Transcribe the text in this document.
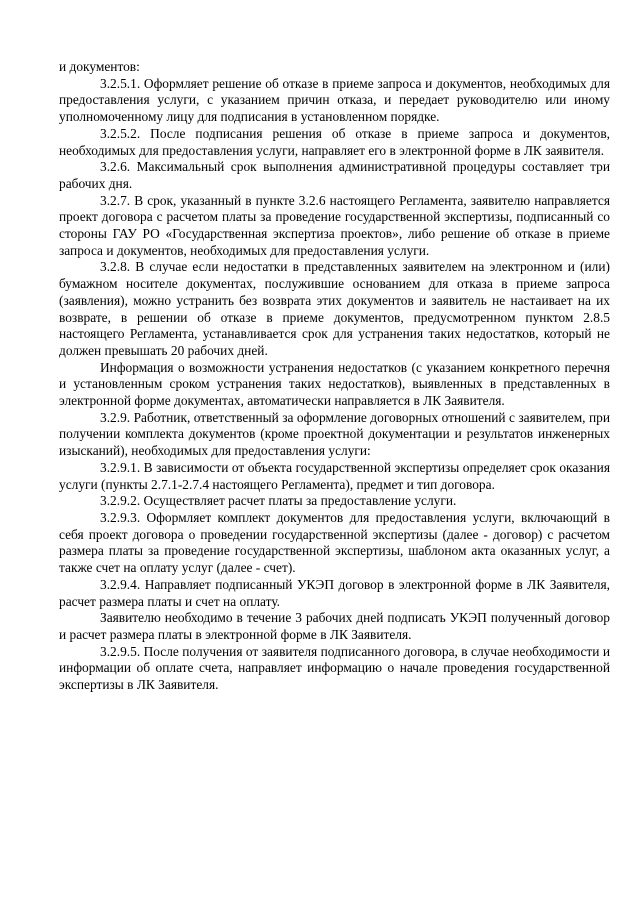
и документов:

3.2.5.1. Оформляет решение об отказе в приеме запроса и документов, необходимых для предоставления услуги, с указанием причин отказа, и передает руководителю или иному уполномоченному лицу для подписания в установленном порядке.

3.2.5.2. После подписания решения об отказе в приеме запроса и документов, необходимых для предоставления услуги, направляет его в электронной форме в ЛК заявителя.

3.2.6. Максимальный срок выполнения административной процедуры составляет три рабочих дня.

3.2.7. В срок, указанный в пункте 3.2.6 настоящего Регламента, заявителю направляется проект договора с расчетом платы за проведение государственной экспертизы, подписанный со стороны ГАУ РО «Государственная экспертиза проектов», либо решение об отказе в приеме запроса и документов, необходимых для предоставления услуги.

3.2.8. В случае если недостатки в представленных заявителем на электронном и (или) бумажном носителе документах, послужившие основанием для отказа в приеме запроса (заявления), можно устранить без возврата этих документов и заявитель не настаивает на их возврате, в решении об отказе в приеме документов, предусмотренном пунктом 2.8.5 настоящего Регламента, устанавливается срок для устранения таких недостатков, который не должен превышать 20 рабочих дней.

Информация о возможности устранения недостатков (с указанием конкретного перечня и установленным сроком устранения таких недостатков), выявленных в представленных в электронной форме документах, автоматически направляется в ЛК Заявителя.

3.2.9. Работник, ответственный за оформление договорных отношений с заявителем, при получении комплекта документов (кроме проектной документации и результатов инженерных изысканий), необходимых для предоставления услуги:

3.2.9.1. В зависимости от объекта государственной экспертизы определяет срок оказания услуги (пункты 2.7.1-2.7.4 настоящего Регламента), предмет и тип договора.

3.2.9.2. Осуществляет расчет платы за предоставление услуги.

3.2.9.3. Оформляет комплект документов для предоставления услуги, включающий в себя проект договора о проведении государственной экспертизы (далее - договор) с расчетом размера платы за проведение государственной экспертизы, шаблоном акта оказанных услуг, а также счет на оплату услуг (далее - счет).

3.2.9.4. Направляет подписанный УКЭП договор в электронной форме в ЛК Заявителя, расчет размера платы и счет на оплату.

Заявителю необходимо в течение 3 рабочих дней подписать УКЭП полученный договор и расчет размера платы в электронной форме в ЛК Заявителя.

3.2.9.5. После получения от заявителя подписанного договора, в случае необходимости и информации об оплате счета, направляет информацию о начале проведения государственной экспертизы в ЛК Заявителя.
